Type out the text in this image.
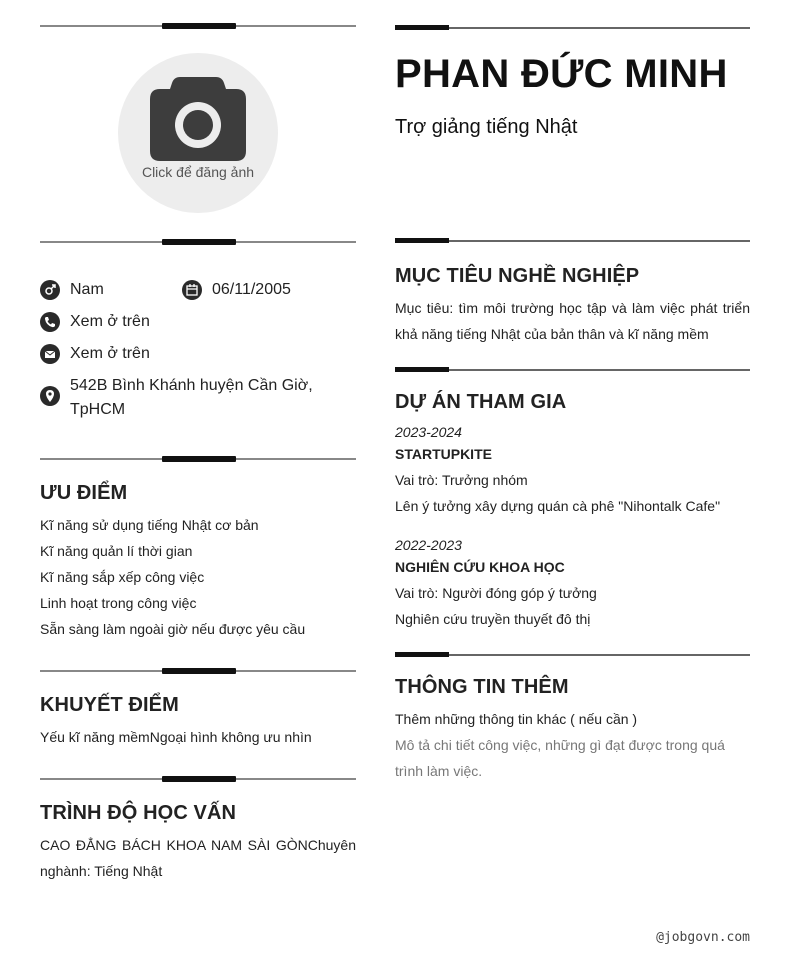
Click để đăng ảnh
Nam	06/11/2005
Xem ở trên
Xem ở trên
542B Bình Khánh huyện Cần Giờ, TpHCM
ƯU ĐIỂM
Kĩ năng sử dụng tiếng Nhật cơ bản
Kĩ năng quản lí thời gian
Kĩ năng sắp xếp công việc
Linh hoạt trong công việc
Sẵn sàng làm ngoài giờ nếu được yêu cầu
KHUYẾT ĐIỂM
Yếu kĩ năng mềmNgoại hình không ưu nhìn
TRÌNH ĐỘ HỌC VẤN
CAO ĐẲNG BÁCH KHOA NAM SÀI GÒNChuyên nghành: Tiếng Nhật
PHAN ĐỨC MINH
Trợ giảng tiếng Nhật
MỤC TIÊU NGHỀ NGHIỆP
Mục tiêu: tìm môi trường học tập và làm việc phát triển khả năng tiếng Nhật của bản thân và kĩ năng mềm
DỰ ÁN THAM GIA
2023-2024
STARTUPKITE
Vai trò: Trưởng nhóm
Lên ý tưởng xây dựng quán cà phê "Nihontalk Cafe"
2022-2023
NGHIÊN CỨU KHOA HỌC
Vai trò: Người đóng góp ý tưởng
Nghiên cứu truyền thuyết đô thị
THÔNG TIN THÊM
Thêm những thông tin khác ( nếu cần )
Mô tả chi tiết công việc, những gì đạt được trong quá trình làm việc.
@jobgovn.com
